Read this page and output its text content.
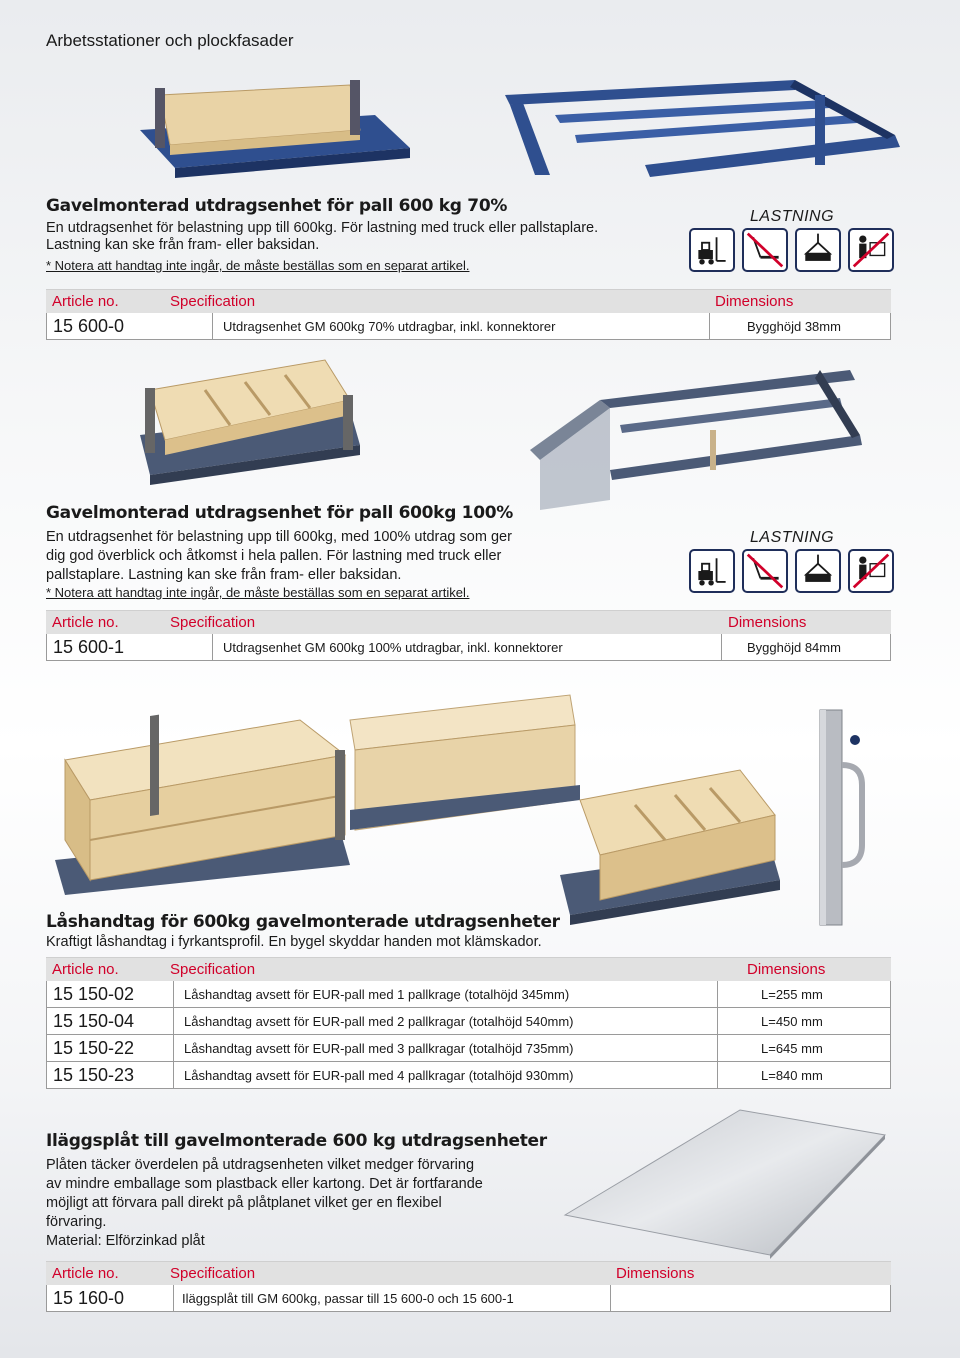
Arbetsstationer och plockfasader
Gavelmonterad utdragsenhet för pall 600 kg 70%
En utdragsenhet för belastning upp till 600kg. För lastning med truck eller pallstaplare.
Lastning kan ske från fram- eller baksidan.
* Notera att handtag inte ingår, de måste beställas som en separat artikel.
LASTNING
Article no.	Specification	Dimensions
15 600-0	Utdragsenhet GM 600kg 70% utdragbar, inkl. konnektorer	Bygghöjd 38mm
Gavelmonterad utdragsenhet för pall 600kg 100%
En utdragsenhet för belastning upp till 600kg, med 100% utdrag som ger
dig god överblick och åtkomst i hela pallen. För lastning med truck eller
pallstaplare. Lastning kan ske från fram- eller baksidan.
* Notera att handtag inte ingår, de måste beställas som en separat artikel.
LASTNING
Article no.	Specification	Dimensions
15 600-1	Utdragsenhet GM 600kg 100% utdragbar, inkl. konnektorer	Bygghöjd 84mm
Låshandtag för 600kg gavelmonterade utdragsenheter
Kraftigt låshandtag i fyrkantsprofil. En bygel skyddar handen mot klämskador.
Article no.	Specification	Dimensions
15 150-02	Låshandtag avsett för EUR-pall med 1 pallkrage (totalhöjd 345mm)	L=255 mm
15 150-04	Låshandtag avsett för EUR-pall med 2 pallkragar (totalhöjd 540mm)	L=450 mm
15 150-22	Låshandtag avsett för EUR-pall med 3 pallkragar (totalhöjd 735mm)	L=645 mm
15 150-23	Låshandtag avsett för EUR-pall med 4 pallkragar (totalhöjd 930mm)	L=840 mm
Iläggsplåt till gavelmonterade 600 kg utdragsenheter
Plåten täcker överdelen på utdragsenheten vilket medger förvaring
av mindre emballage som plastback eller kartong. Det är fortfarande
möjligt att förvara pall direkt på plåtplanet vilket ger en flexibel
förvaring.
Material: Elförzinkad plåt
Article no.	Specification	Dimensions
15 160-0	Iläggsplåt till GM 600kg, passar till 15 600-0 och 15 600-1
